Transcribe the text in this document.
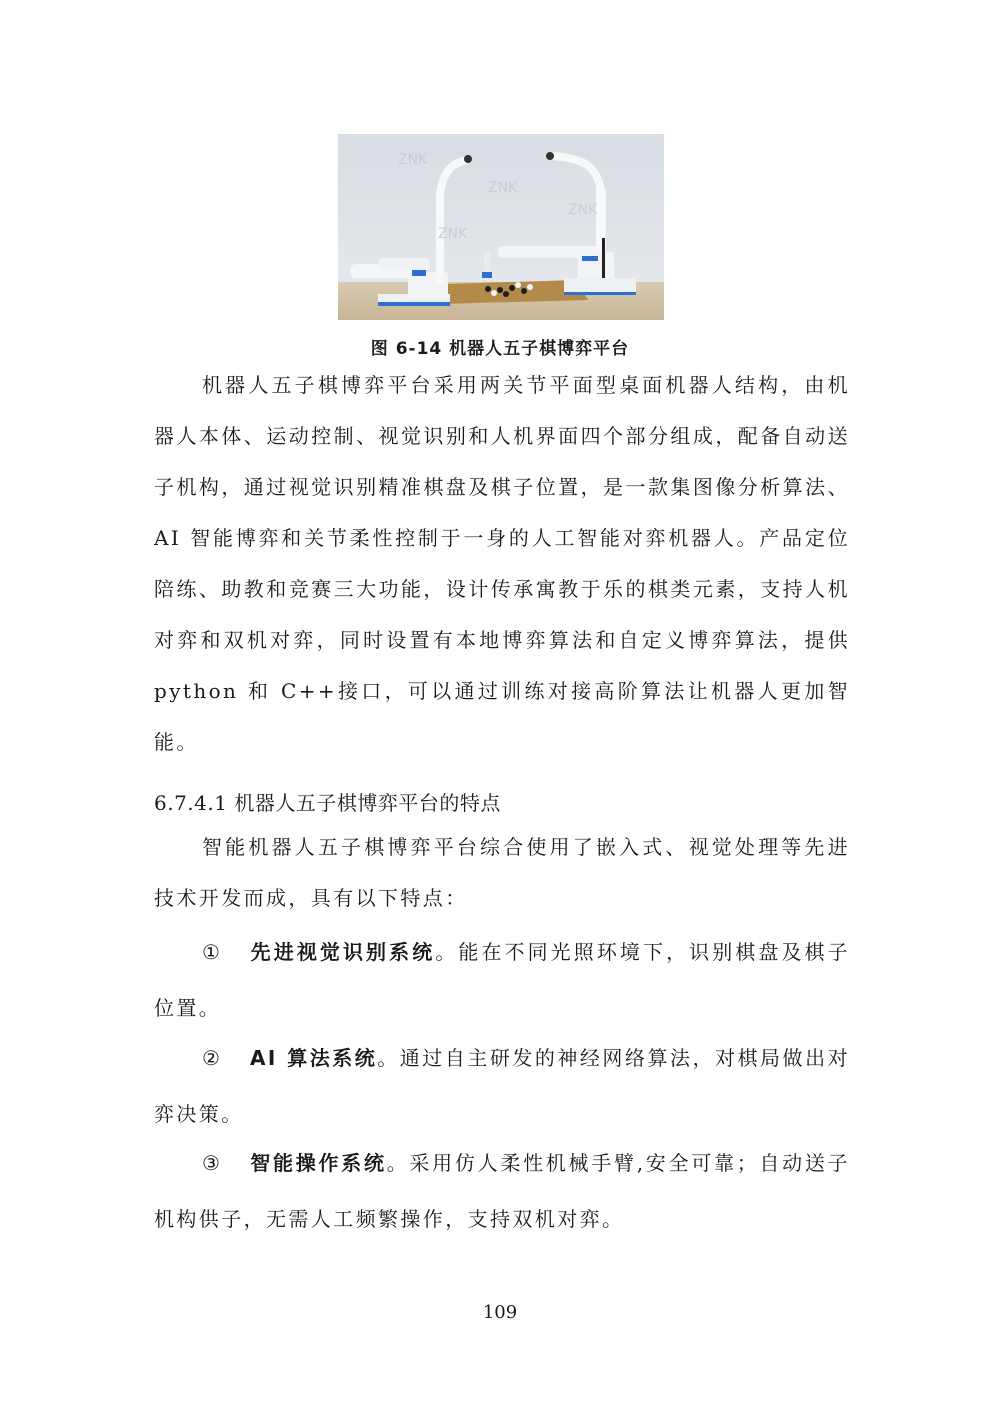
ZNK
ZNK
ZNK
ZNK
图 6-14 机器人五子棋博弈平台

机器人五子棋博弈平台采用两关节平面型桌面机器人结构，由机器人本体、运动控制、视觉识别和人机界面四个部分组成，配备自动送子机构，通过视觉识别精准棋盘及棋子位置，是一款集图像分析算法、AI 智能博弈和关节柔性控制于一身的人工智能对弈机器人。产品定位陪练、助教和竞赛三大功能，设计传承寓教于乐的棋类元素，支持人机对弈和双机对弈，同时设置有本地博弈算法和自定义博弈算法，提供 python 和 C++接口，可以通过训练对接高阶算法让机器人更加智能。

6.7.4.1 机器人五子棋博弈平台的特点

智能机器人五子棋博弈平台综合使用了嵌入式、视觉处理等先进技术开发而成，具有以下特点：

① 先进视觉识别系统。能在不同光照环境下，识别棋盘及棋子位置。

② AI 算法系统。通过自主研发的神经网络算法，对棋局做出对弈决策。

③ 智能操作系统。采用仿人柔性机械手臂,安全可靠；自动送子机构供子，无需人工频繁操作，支持双机对弈。

109
